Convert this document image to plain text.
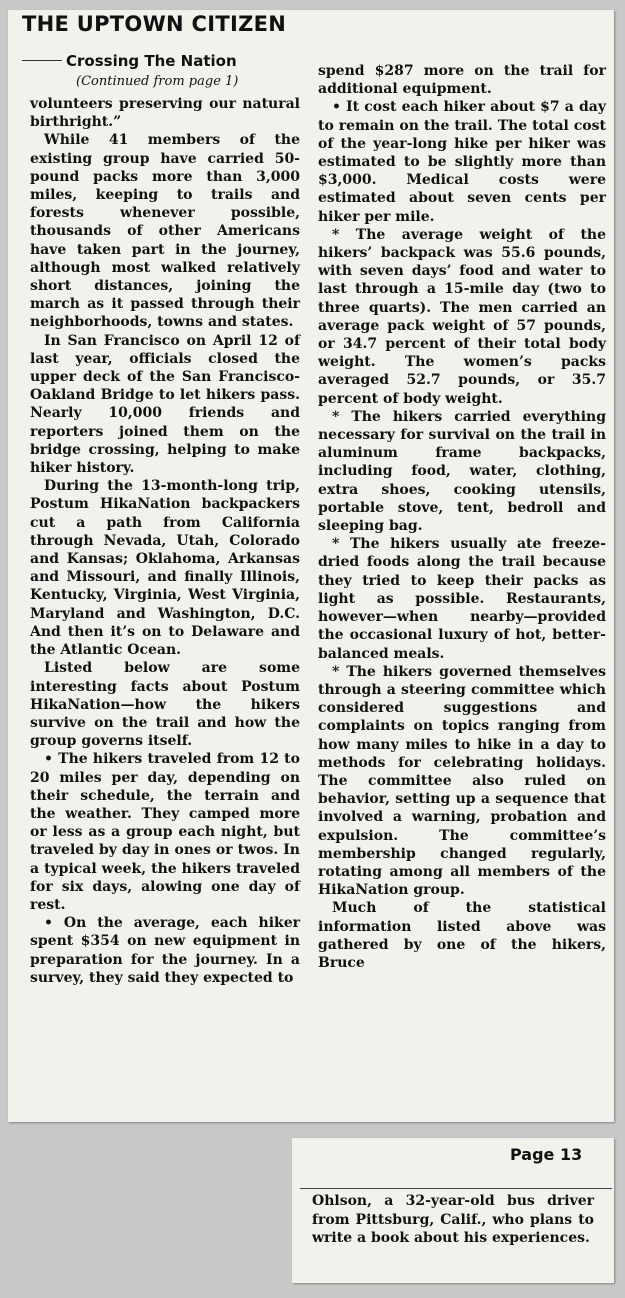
THE UPTOWN CITIZEN
Crossing The Nation
(Continued from page 1)

volunteers preserving our natural birthright.”

While 41 members of the existing group have carried 50-pound packs more than 3,000 miles, keeping to trails and forests whenever possible, thousands of other Americans have taken part in the journey, although most walked relatively short distances, joining the march as it passed through their neighborhoods, towns and states.

In San Francisco on April 12 of last year, officials closed the upper deck of the San Francisco-Oakland Bridge to let hikers pass. Nearly 10,000 friends and reporters joined them on the bridge crossing, helping to make hiker history.

During the 13-month-long trip, Postum HikaNation backpackers cut a path from California through Nevada, Utah, Colorado and Kansas; Oklahoma, Arkansas and Missouri, and finally Illinois, Kentucky, Virginia, West Virginia, Maryland and Washington, D.C. And then it’s on to Delaware and the Atlantic Ocean.

Listed below are some interesting facts about Postum HikaNation—how the hikers survive on the trail and how the group governs itself.

• The hikers traveled from 12 to 20 miles per day, depending on their schedule, the terrain and the weather. They camped more or less as a group each night, but traveled by day in ones or twos. In a typical week, the hikers traveled for six days, alowing one day of rest.

• On the average, each hiker spent $354 on new equipment in preparation for the journey. In a survey, they said they expected to

spend $287 more on the trail for additional equipment.

• It cost each hiker about $7 a day to remain on the trail. The total cost of the year-long hike per hiker was estimated to be slightly more than $3,000. Medical costs were estimated about seven cents per hiker per mile.

* The average weight of the hikers’ backpack was 55.6 pounds, with seven days’ food and water to last through a 15-mile day (two to three quarts). The men carried an average pack weight of 57 pounds, or 34.7 percent of their total body weight. The women’s packs averaged 52.7 pounds, or 35.7 percent of body weight.

* The hikers carried everything necessary for survival on the trail in aluminum frame backpacks, including food, water, clothing, extra shoes, cooking utensils, portable stove, tent, bedroll and sleeping bag.

* The hikers usually ate freeze-dried foods along the trail because they tried to keep their packs as light as possible. Restaurants, however—when nearby—provided the occasional luxury of hot, better-balanced meals.

* The hikers governed themselves through a steering committee which considered suggestions and complaints on topics ranging from how many miles to hike in a day to methods for celebrating holidays. The committee also ruled on behavior, setting up a sequence that involved a warning, probation and expulsion. The committee’s membership changed regularly, rotating among all members of the HikaNation group.

Much of the statistical information listed above was gathered by one of the hikers, Bruce

Page 13

Ohlson, a 32-year-old bus driver from Pittsburg, Calif., who plans to write a book about his experiences.
